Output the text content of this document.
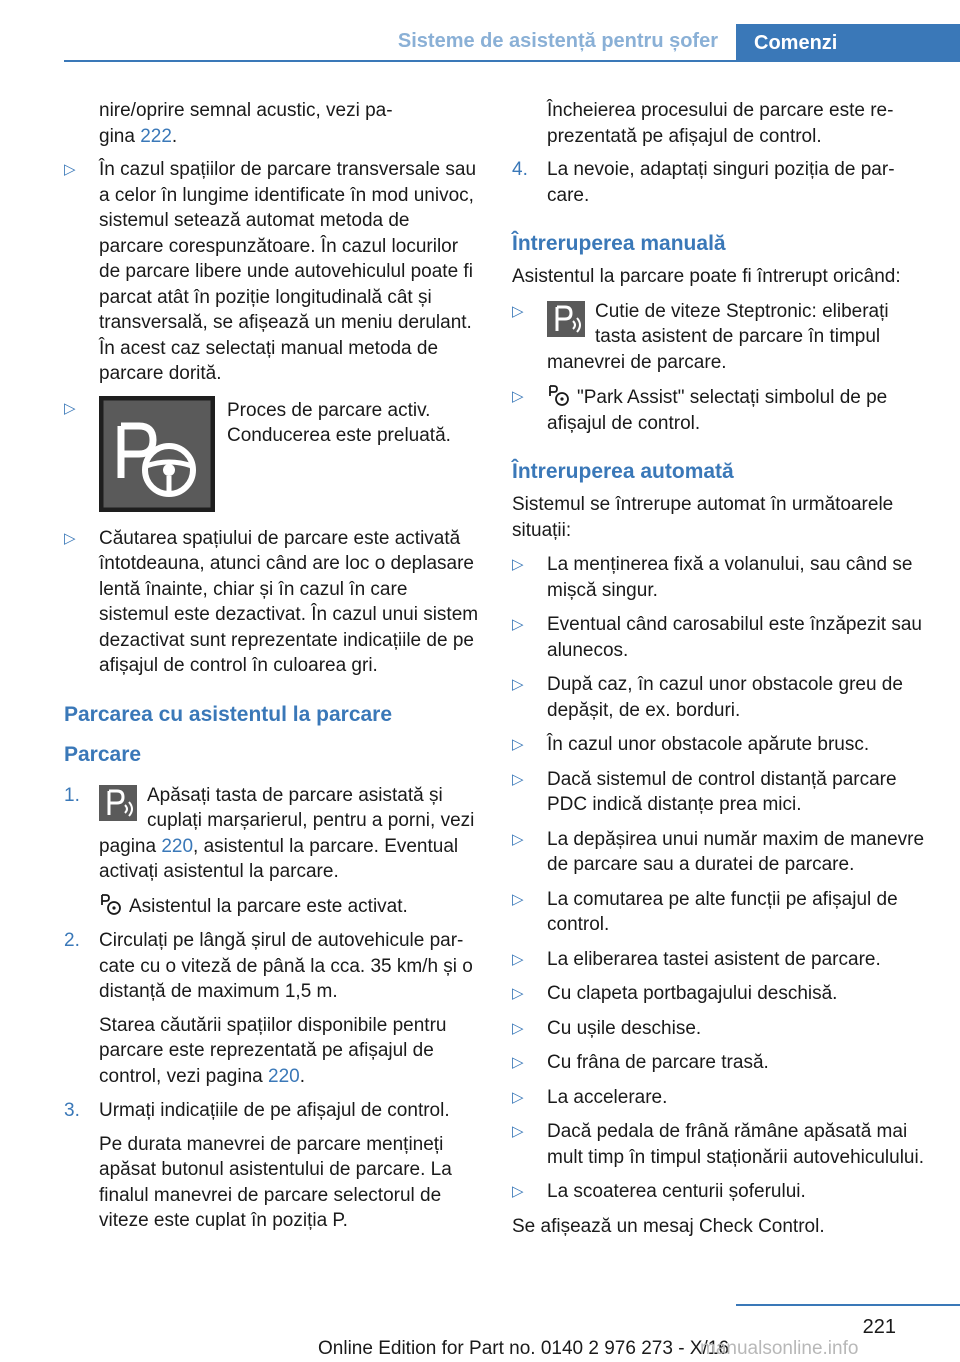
Sisteme de asistență pentru șofer	Comenzi

nire/oprire semnal acustic, vezi pa-
gina 222.

▷ În cazul spațiilor de parcare transversale sau a celor în lungime identificate în mod univoc, sistemul setează automat metoda de parcare corespunzătoare. În cazul locurilor de parcare libere unde autovehiculul poate fi parcat atât în poziție longitudinală cât și transversală, se afișează un meniu derulant. În acest caz selectați manual metoda de parcare dorită.
▷	Proces de parcare activ. Conducerea este preluată.
▷ Căutarea spațiului de parcare este activată întotdeauna, atunci când are loc o deplasare lentă înainte, chiar și în cazul în care sistemul este dezactivat. În cazul unui sistem dezactivat sunt reprezentate indicațiile de pe afișajul de control în culoarea gri.
Parcarea cu asistentul la parcare
Parcare
1.	Apăsați tasta de parcare asistată și cuplați marșarierul, pentru a porni, vezi pagina 220, asistentul la parcare. Eventual activați asistentul la parcare.
Asistentul la parcare este activat.
2. Circulați pe lângă șirul de autovehicule parcate cu o viteză de până la cca. 35 km/h și o distanță de maximum 1,5 m.
Starea căutării spațiilor disponibile pentru parcare este reprezentată pe afișajul de control, vezi pagina 220.
3. Urmați indicațiile de pe afișajul de control.
Pe durata manevrei de parcare mențineți apăsat butonul asistentului de parcare. La finalul manevrei de parcare selectorul de viteze este cuplat în poziția P.

Încheierea procesului de parcare este reprezentată pe afișajul de control.

4. La nevoie, adaptați singuri poziția de parcare.
Întreruperea manuală

Asistentul la parcare poate fi întrerupt oricând:

▷	Cutie de viteze Steptronic: eliberați tasta asistent de parcare în timpul manevrei de parcare.
▷	"Park Assist" selectați simbolul de pe afișajul de control.
Întreruperea automată

Sistemul se întrerupe automat în următoarele situații:

▷ La menținerea fixă a volanului, sau când se mișcă singur.
▷ Eventual când carosabilul este înzăpezit sau alunecos.
▷ După caz, în cazul unor obstacole greu de depășit, de ex. borduri.
▷ În cazul unor obstacole apărute brusc.
▷ Dacă sistemul de control distanță parcare PDC indică distanțe prea mici.
▷ La depășirea unui număr maxim de manevre de parcare sau a duratei de parcare.
▷ La comutarea pe alte funcții pe afișajul de control.
▷ La eliberarea tastei asistent de parcare.
▷ Cu clapeta portbagajului deschisă.
▷ Cu ușile deschise.
▷ Cu frâna de parcare trasă.
▷ La accelerare.
▷ Dacă pedala de frână rămâne apăsată mai mult timp în timpul staționării autovehiculului.
▷ La scoaterea centurii șoferului.

Se afișează un mesaj Check Control.

221
Online Edition for Part no. 0140 2 976 273 - X/16
manualsonline.info
